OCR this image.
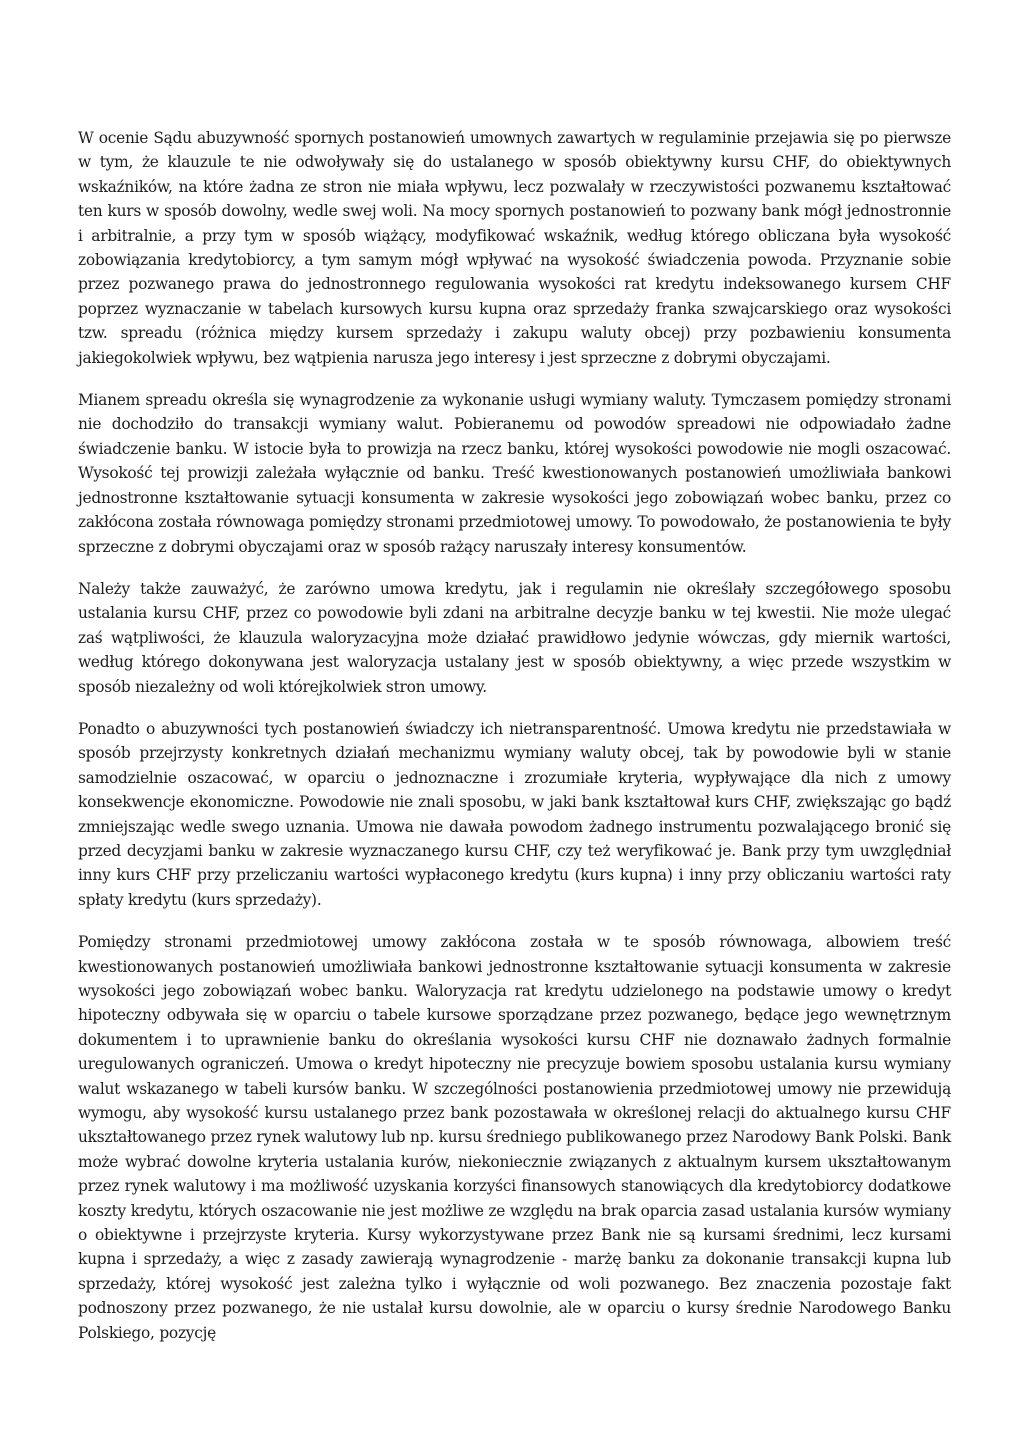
W ocenie Sądu abuzywność spornych postanowień umownych zawartych w regulaminie przejawia się po pierwsze w tym, że klauzule te nie odwoływały się do ustalanego w sposób obiektywny kursu CHF, do obiektywnych wskaźników, na które żadna ze stron nie miała wpływu, lecz pozwalały w rzeczywistości pozwanemu kształtować ten kurs w sposób dowolny, wedle swej woli. Na mocy spornych postanowień to pozwany bank mógł jednostronnie i arbitralnie, a przy tym w sposób wiążący, modyfikować wskaźnik, według którego obliczana była wysokość zobowiązania kredytobiorcy, a tym samym mógł wpływać na wysokość świadczenia powoda. Przyznanie sobie przez pozwanego prawa do jednostronnego regulowania wysokości rat kredytu indeksowanego kursem CHF poprzez wyznaczanie w tabelach kursowych kursu kupna oraz sprzedaży franka szwajcarskiego oraz wysokości tzw. spreadu (różnica między kursem sprzedaży i zakupu waluty obcej) przy pozbawieniu konsumenta jakiegokolwiek wpływu, bez wątpienia narusza jego interesy i jest sprzeczne z dobrymi obyczajami.

Mianem spreadu określa się wynagrodzenie za wykonanie usługi wymiany waluty. Tymczasem pomiędzy stronami nie dochodziło do transakcji wymiany walut. Pobieranemu od powodów spreadowi nie odpowiadało żadne świadczenie banku. W istocie była to prowizja na rzecz banku, której wysokości powodowie nie mogli oszacować. Wysokość tej prowizji zależała wyłącznie od banku. Treść kwestionowanych postanowień umożliwiała bankowi jednostronne kształtowanie sytuacji konsumenta w zakresie wysokości jego zobowiązań wobec banku, przez co zakłócona została równowaga pomiędzy stronami przedmiotowej umowy. To powodowało, że postanowienia te były sprzeczne z dobrymi obyczajami oraz w sposób rażący naruszały interesy konsumentów.

Należy także zauważyć, że zarówno umowa kredytu, jak i regulamin nie określały szczegółowego sposobu ustalania kursu CHF, przez co powodowie byli zdani na arbitralne decyzje banku w tej kwestii. Nie może ulegać zaś wątpliwości, że klauzula waloryzacyjna może działać prawidłowo jedynie wówczas, gdy miernik wartości, według którego dokonywana jest waloryzacja ustalany jest w sposób obiektywny, a więc przede wszystkim w sposób niezależny od woli którejkolwiek stron umowy.

Ponadto o abuzywności tych postanowień świadczy ich nietransparentność. Umowa kredytu nie przedstawiała w sposób przejrzysty konkretnych działań mechanizmu wymiany waluty obcej, tak by powodowie byli w stanie samodzielnie oszacować, w oparciu o jednoznaczne i zrozumiałe kryteria, wypływające dla nich z umowy konsekwencje ekonomiczne. Powodowie nie znali sposobu, w jaki bank kształtował kurs CHF, zwiększając go bądź zmniejszając wedle swego uznania. Umowa nie dawała powodom żadnego instrumentu pozwalającego bronić się przed decyzjami banku w zakresie wyznaczanego kursu CHF, czy też weryfikować je. Bank przy tym uwzględniał inny kurs CHF przy przeliczaniu wartości wypłaconego kredytu (kurs kupna) i inny przy obliczaniu wartości raty spłaty kredytu (kurs sprzedaży).

Pomiędzy stronami przedmiotowej umowy zakłócona została w te sposób równowaga, albowiem treść kwestionowanych postanowień umożliwiała bankowi jednostronne kształtowanie sytuacji konsumenta w zakresie wysokości jego zobowiązań wobec banku. Waloryzacja rat kredytu udzielonego na podstawie umowy o kredyt hipoteczny odbywała się w oparciu o tabele kursowe sporządzane przez pozwanego, będące jego wewnętrznym dokumentem i to uprawnienie banku do określania wysokości kursu CHF nie doznawało żadnych formalnie uregulowanych ograniczeń. Umowa o kredyt hipoteczny nie precyzuje bowiem sposobu ustalania kursu wymiany walut wskazanego w tabeli kursów banku. W szczególności postanowienia przedmiotowej umowy nie przewidują wymogu, aby wysokość kursu ustalanego przez bank pozostawała w określonej relacji do aktualnego kursu CHF ukształtowanego przez rynek walutowy lub np. kursu średniego publikowanego przez Narodowy Bank Polski. Bank może wybrać dowolne kryteria ustalania kurów, niekoniecznie związanych z aktualnym kursem ukształtowanym przez rynek walutowy i ma możliwość uzyskania korzyści finansowych stanowiących dla kredytobiorcy dodatkowe koszty kredytu, których oszacowanie nie jest możliwe ze względu na brak oparcia zasad ustalania kursów wymiany o obiektywne i przejrzyste kryteria. Kursy wykorzystywane przez Bank nie są kursami średnimi, lecz kursami kupna i sprzedaży, a więc z zasady zawierają wynagrodzenie - marżę banku za dokonanie transakcji kupna lub sprzedaży, której wysokość jest zależna tylko i wyłącznie od woli pozwanego. Bez znaczenia pozostaje fakt podnoszony przez pozwanego, że nie ustalał kursu dowolnie, ale w oparciu o kursy średnie Narodowego Banku Polskiego, pozycję
